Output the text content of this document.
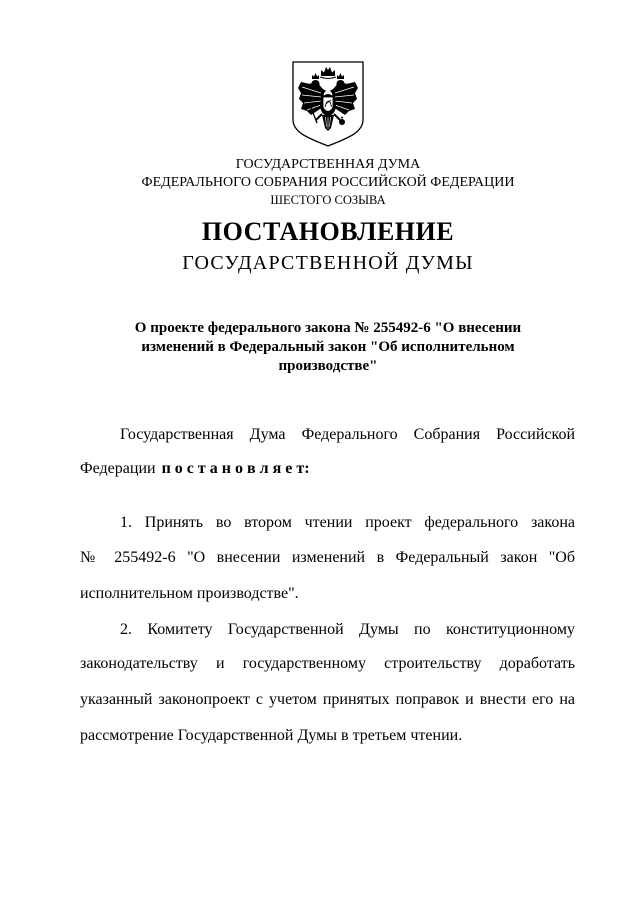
ГОСУДАРСТВЕННАЯ ДУМА
ФЕДЕРАЛЬНОГО СОБРАНИЯ РОССИЙСКОЙ ФЕДЕРАЦИИ
ШЕСТОГО СОЗЫВА
ПОСТАНОВЛЕНИЕ
ГОСУДАРСТВЕННОЙ ДУМЫ
О проекте федерального закона № 255492-6 "О внесении
изменений в Федеральный закон "Об исполнительном
производстве"
Государственная Дума Федерального Собрания Российской
Федерации п о с т а н о в л я е т:
1. Принять во втором чтении проект федерального закона
№ 255492-6 "О внесении изменений в Федеральный закон "Об
исполнительном производстве".
2. Комитету Государственной Думы по конституционному
законодательству и государственному строительству доработать
указанный законопроект с учетом принятых поправок и внести его на
рассмотрение Государственной Думы в третьем чтении.
